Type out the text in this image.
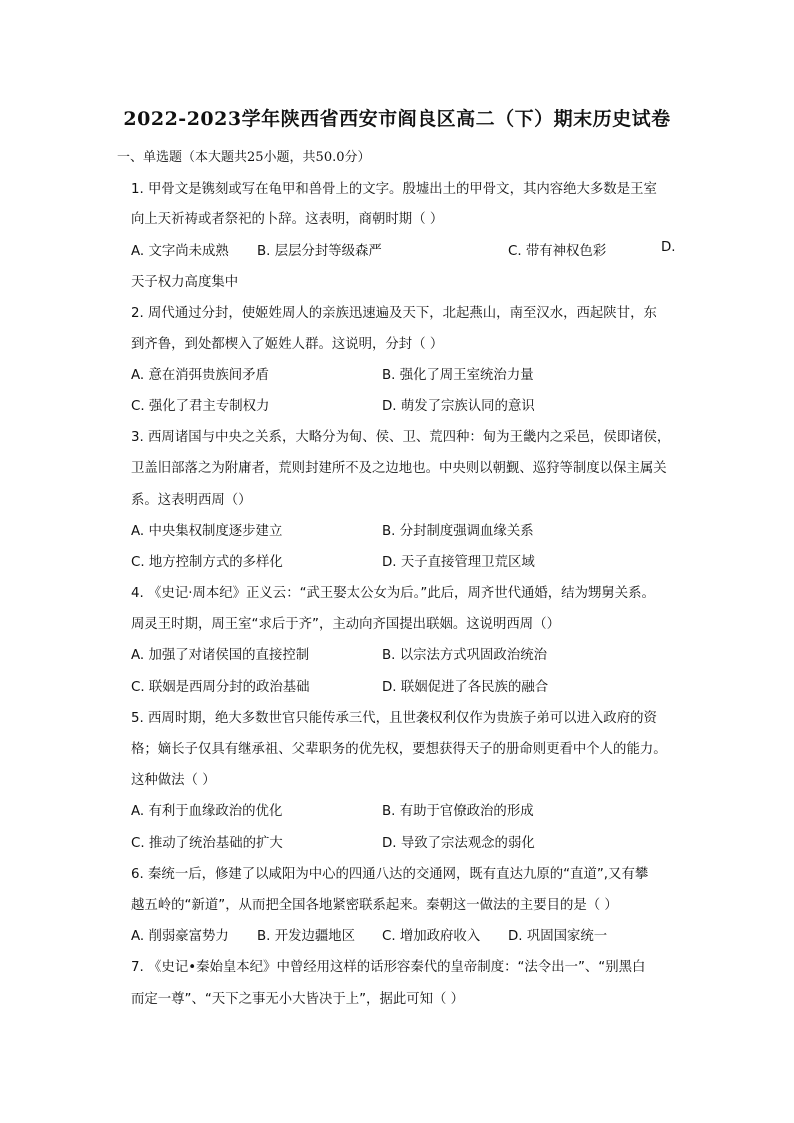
2022-2023学年陕西省西安市阎良区高二（下）期末历史试卷
一、单选题（本大题共25小题，共50.0分）
1. 甲骨文是镌刻或写在龟甲和兽骨上的文字。殷墟出土的甲骨文，其内容绝大多数是王室
向上天祈祷或者祭祀的卜辞。这表明，商朝时期（ ）
A. 文字尚未成熟 B. 层层分封等级森严	C. 带有神权色彩	D.
天子权力高度集中
2. 周代通过分封，使姬姓周人的亲族迅速遍及天下，北起燕山，南至汉水，西起陕甘，东
到齐鲁，到处都楔入了姬姓人群。这说明，分封（ ）
A. 意在消弭贵族间矛盾	B. 强化了周王室统治力量
C. 强化了君主专制权力	D. 萌发了宗族认同的意识
3. 西周诸国与中央之关系，大略分为甸、侯、卫、荒四种：甸为王畿内之采邑，侯即诸侯，
卫盖旧部落之为附庸者，荒则封建所不及之边地也。中央则以朝觐、巡狩等制度以保主属关
系。这表明西周（）
A. 中央集权制度逐步建立	B. 分封制度强调血缘关系
C. 地方控制方式的多样化	D. 天子直接管理卫荒区域
4. 《史记·周本纪》正义云：“武王娶太公女为后。”此后，周齐世代通婚，结为甥舅关系。
周灵王时期，周王室“求后于齐”，主动向齐国提出联姻。这说明西周（）
A. 加强了对诸侯国的直接控制	B. 以宗法方式巩固政治统治
C. 联姻是西周分封的政治基础	D. 联姻促进了各民族的融合
5. 西周时期，绝大多数世官只能传承三代，且世袭权利仅作为贵族子弟可以进入政府的资
格；嫡长子仅具有继承祖、父辈职务的优先权，要想获得天子的册命则更看中个人的能力。
这种做法（ ）
A. 有利于血缘政治的优化	B. 有助于官僚政治的形成
C. 推动了统治基础的扩大	D. 导致了宗法观念的弱化
6. 秦统一后，修建了以咸阳为中心的四通八达的交通网，既有直达九原的“直道”,又有攀
越五岭的“新道”，从而把全国各地紧密联系起来。秦朝这一做法的主要目的是（ ）
A. 削弱豪富势力 B. 开发边疆地区 C. 增加政府收入 D. 巩固国家统一
7. 《史记•秦始皇本纪》中曾经用这样的话形容秦代的皇帝制度：“法令出一”、“别黑白
而定一尊”、“天下之事无小大皆决于上”，据此可知（ ）
